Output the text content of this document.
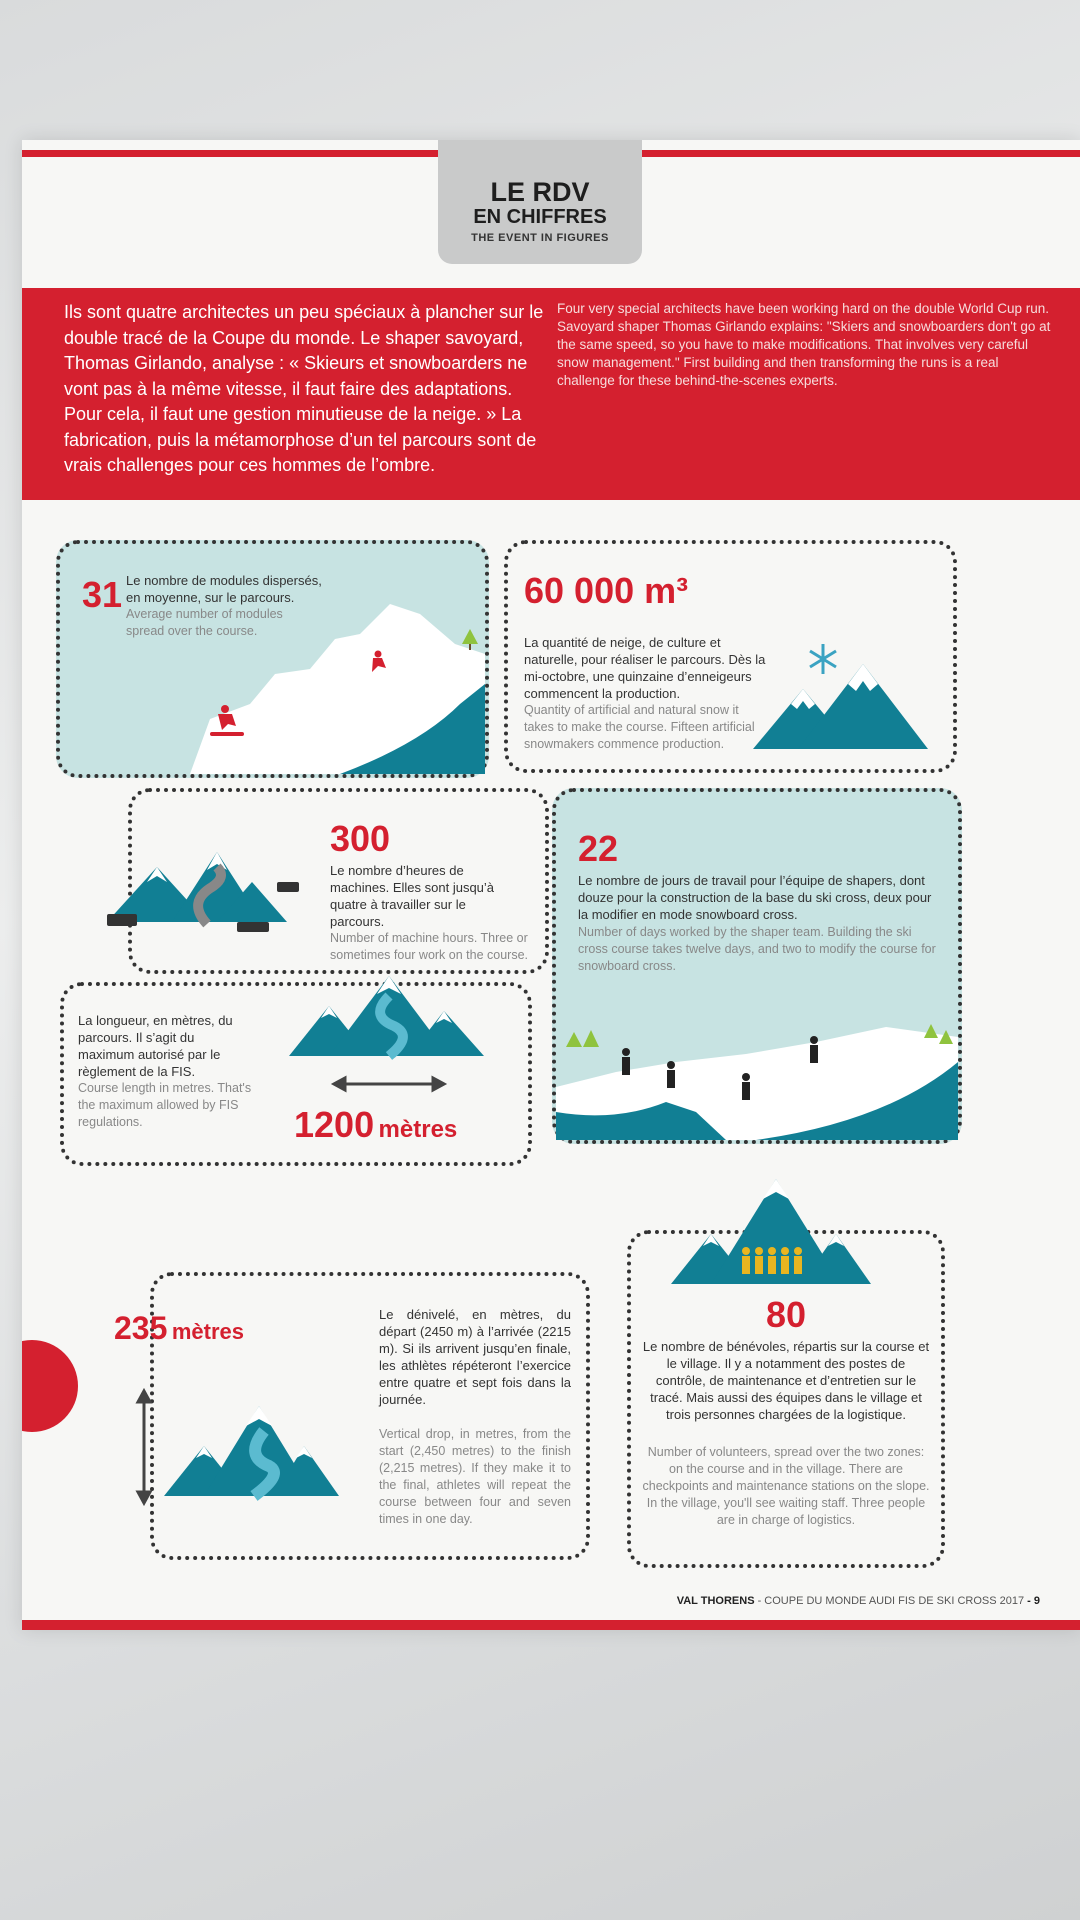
LE RDV
EN CHIFFRES
THE EVENT IN FIGURES
Ils sont quatre architectes un peu spéciaux à plancher sur le double tracé de la Coupe du monde. Le shaper savoyard, Thomas Girlando, analyse : « Skieurs et snowboarders ne vont pas à la même vitesse, il faut faire des adaptations. Pour cela, il faut une gestion minutieuse de la neige. » La fabrication, puis la métamorphose d’un tel parcours sont de vrais challenges pour ces hommes de l’ombre.
Four very special architects have been working hard on the double World Cup run. Savoyard shaper Thomas Girlando explains: "Skiers and snowboarders don't go at the same speed, so you have to make modifications. That involves very careful snow management." First building and then transforming the runs is a real challenge for these behind-the-scenes experts.
31 Le nombre de modules dispersés, en moyenne, sur le parcours.
Average number of modules spread over the course.
60 000 m³
La quantité de neige, de culture et naturelle, pour réaliser le parcours. Dès la mi-octobre, une quinzaine d’enneigeurs commencent la production.
Quantity of artificial and natural snow it takes to make the course. Fifteen artificial snowmakers commence production.
300
Le nombre d’heures de machines. Elles sont jusqu’à quatre à travailler sur le parcours.
Number of machine hours. Three or sometimes four work on the course.
22
Le nombre de jours de travail pour l’équipe de shapers, dont douze pour la construction de la base du ski cross, deux pour la modifier en mode snowboard cross.
Number of days worked by the shaper team. Building the ski cross course takes twelve days, and two to modify the course for snowboard cross.
La longueur, en mètres, du parcours. Il s’agit du maximum autorisé par le règlement de la FIS.
Course length in metres. That's the maximum allowed by FIS regulations.	1200 mètres
235 mètres
Le dénivelé, en mètres, du départ (2450 m) à l’arrivée (2215 m). Si ils arrivent jusqu’en finale, les athlètes répéteront l’exercice entre quatre et sept fois dans la journée.
Vertical drop, in metres, from the start (2,450 metres) to the finish (2,215 metres). If they make it to the final, athletes will repeat the course between four and seven times in one day.
80
Le nombre de bénévoles, répartis sur la course et le village. Il y a notamment des postes de contrôle, de maintenance et d’entretien sur le tracé. Mais aussi des équipes dans le village et trois personnes chargées de la logistique.
Number of volunteers, spread over the two zones: on the course and in the village. There are checkpoints and maintenance stations on the slope. In the village, you'll see waiting staff. Three people are in charge of logistics.
VAL THORENS - COUPE DU MONDE AUDI FIS DE SKI CROSS 2017 - 9
